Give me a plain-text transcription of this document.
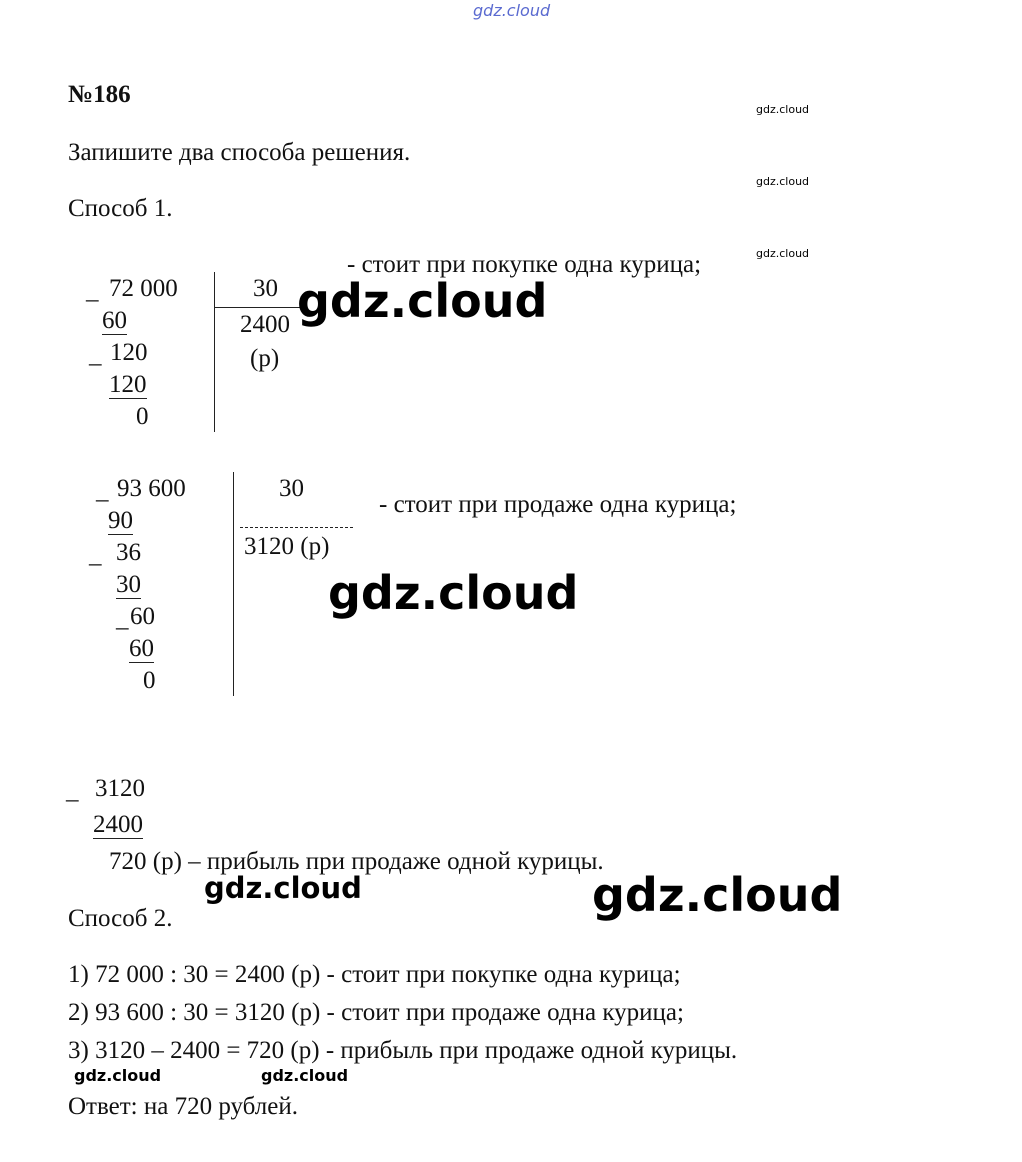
gdz.cloud
gdz.cloud
gdz.cloud
gdz.cloud
№186
Запишите два способа решения.
Способ 1.
_ 72 000	30
60	2400
_ 120	(р)
120
0
- стоит при покупке одна курица;
gdz.cloud
_ 93 600	30
90
3120 (р)
_ 36
30
_ 60
60
0
- стоит при продаже одна курица;
gdz.cloud
_ 3120
2400
720 (р) – прибыль при продаже одной курицы.
gdz.cloud	gdz.cloud
Способ 2.
1) 72 000 : 30 = 2400 (р) - стоит при покупке одна курица;
2) 93 600 : 30 = 3120 (р) - стоит при продаже одна курица;
3) 3120 – 2400 = 720 (р) - прибыль при продаже одной курицы.
gdz.cloud	gdz.cloud
Ответ: на 720 рублей.
